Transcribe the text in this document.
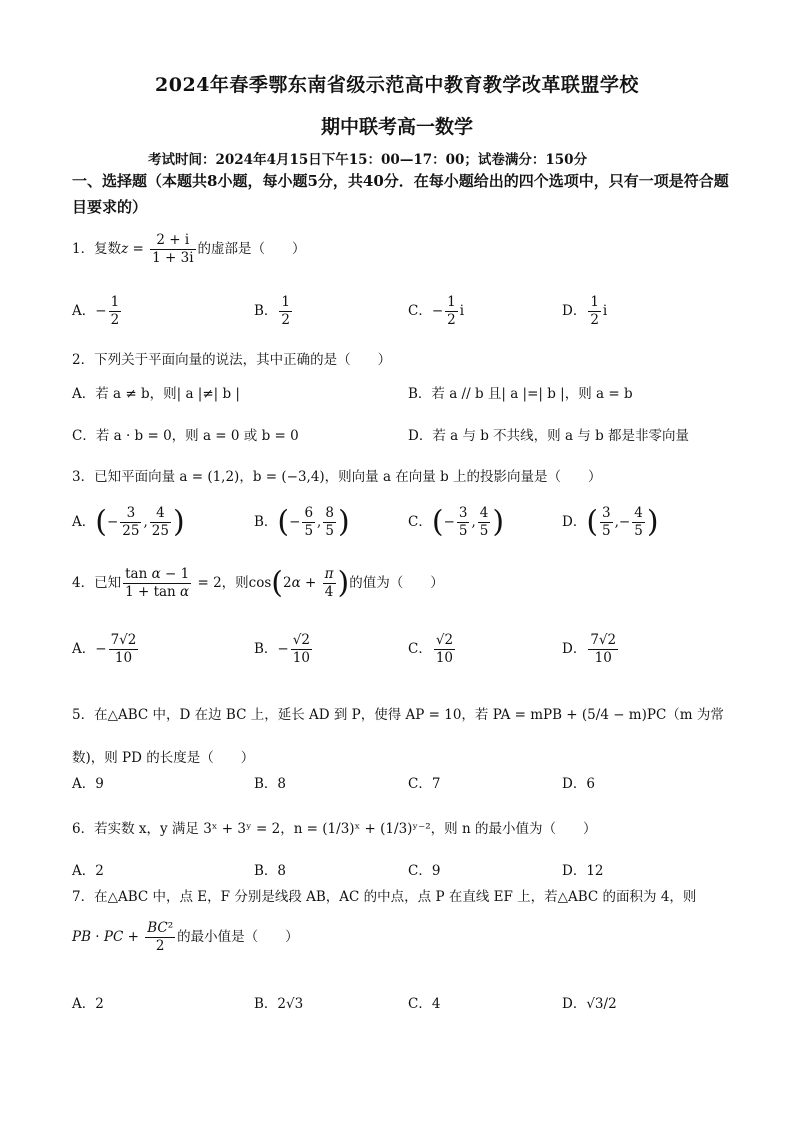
2024年春季鄂东南省级示范高中教育教学改革联盟学校
期中联考高一数学
考试时间：2024年4月15日下午15：00—17：00；试卷满分：150分
一、选择题（本题共8小题，每小题5分，共40分．在每小题给出的四个选项中，只有一项是符合题目要求的）
1．复数$z = \frac{2 + i}{1 + 3i}$ 的虚部是（　　）
A．− $\frac{1}{2}$	B． $\frac{1}{2}$	C．− $\frac{1}{2}$ i	D． $\frac{1}{2}$ i
2．下列关于平面向量的说法，其中正确的是（　　）
A．若 a ≠ b，则| a |≠| b |	B．若 a // b 且| a |=| b |，则 a = b
C．若 a · b = 0，则 a = 0 或 b = 0	D．若 a 与 b 不共线，则 a 与 b 都是非零向量
3．已知平面向量 a = (1,2)，b = (−3,4)，则向量 a 在向量 b 上的投影向量是（　　）
A．(− $\frac{3}{25}$ , $\frac{4}{25}$ )	B．(− $\frac{6}{5}$ , $\frac{8}{5}$ )	C．(− $\frac{3}{5}$ , $\frac{4}{5}$ )	D．( $\frac{3}{5}$ ,− $\frac{4}{5}$ )
4．已知 $\frac{\text{tan α − 1}}{\text{1 + tan α}} = 2$，则$\cos(2\alpha + \frac{\pi}{4}$ )的值为（　　）
A．− $\frac{7√2}{10}$	B．− $\frac{√2}{10}$	C． $\frac{√2}{10}$	D． $\frac{7√2}{10}$
5．在△ABC 中，D 在边 BC 上，延长 AD 到 P，使得 AP = 10，若 PA = mPB + (5/4 − m)PC（m 为常
数)，则 PD 的长度是（　　）
A．9	B．8	C．7	D．6
6．若实数 x，y 满足 3ˣ + 3ʸ = 2，n = (1/3)ˣ + (1/3)ʸ⁻²，则 n 的最小值为（　　）
A．2	B．8	C．9	D．12
7．在△ABC 中，点 E，F 分别是线段 AB，AC 的中点，点 P 在直线 EF 上，若△ABC 的面积为 4，则
PB · PC + $\frac{\text{BC²}}{2}$ 的最小值是（　　）
A．2	B．2√3	C．4	D．√3/2
